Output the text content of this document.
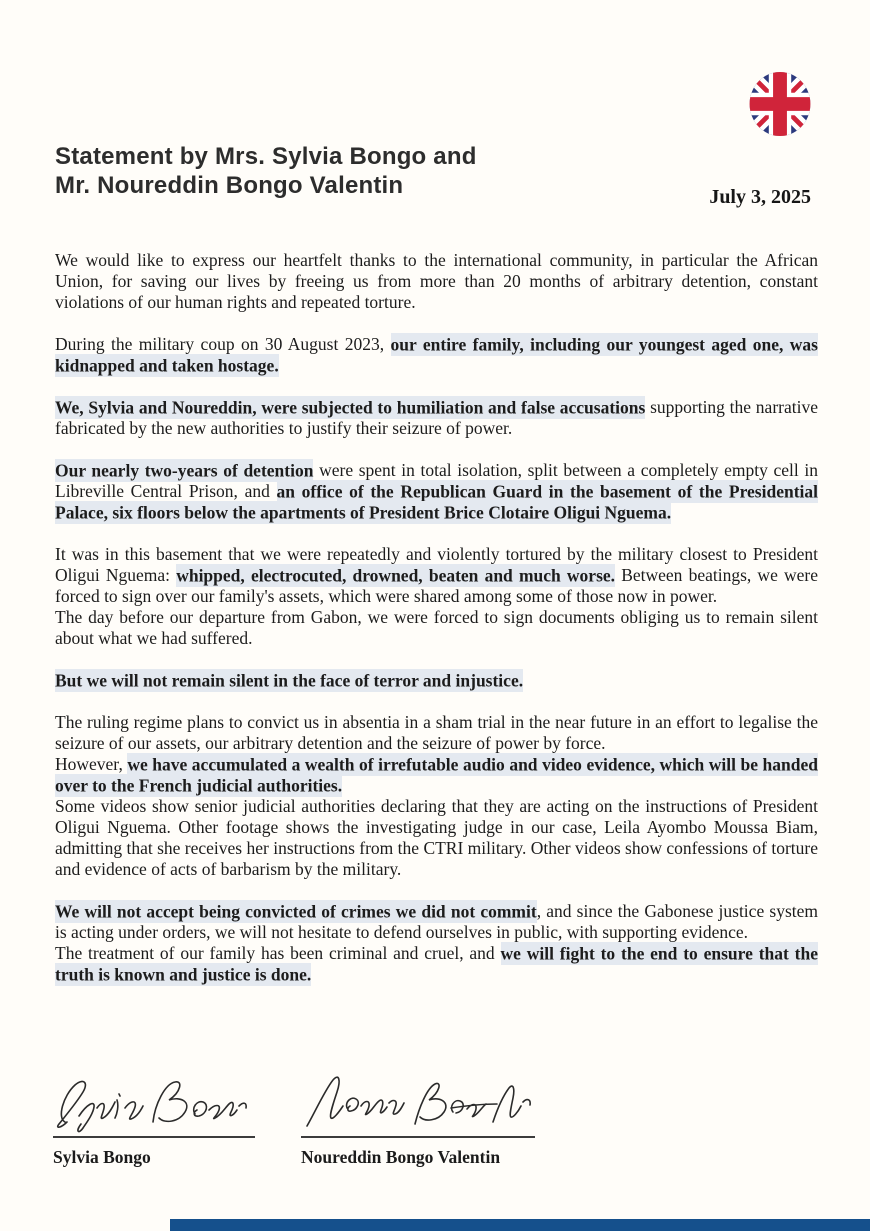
Statement by Mrs. Sylvia Bongo and
Mr. Noureddin Bongo Valentin	July 3, 2025

We would like to express our heartfelt thanks to the international community, in particular the African Union, for saving our lives by freeing us from more than 20 months of arbitrary detention, constant violations of our human rights and repeated torture.

During the military coup on 30 August 2023, our entire family, including our youngest aged one, was kidnapped and taken hostage.

We, Sylvia and Noureddin, were subjected to humiliation and false accusations supporting the narrative fabricated by the new authorities to justify their seizure of power.

Our nearly two-years of detention were spent in total isolation, split between a completely empty cell in Libreville Central Prison, and an office of the Republican Guard in the basement of the Presidential Palace, six floors below the apartments of President Brice Clotaire Oligui Nguema.

It was in this basement that we were repeatedly and violently tortured by the military closest to President Oligui Nguema: whipped, electrocuted, drowned, beaten and much worse. Between beatings, we were forced to sign over our family's assets, which were shared among some of those now in power.
The day before our departure from Gabon, we were forced to sign documents obliging us to remain silent about what we had suffered.

But we will not remain silent in the face of terror and injustice.

The ruling regime plans to convict us in absentia in a sham trial in the near future in an effort to legalise the seizure of our assets, our arbitrary detention and the seizure of power by force.
However, we have accumulated a wealth of irrefutable audio and video evidence, which will be handed over to the French judicial authorities.
Some videos show senior judicial authorities declaring that they are acting on the instructions of President Oligui Nguema. Other footage shows the investigating judge in our case, Leila Ayombo Moussa Biam, admitting that she receives her instructions from the CTRI military. Other videos show confessions of torture and evidence of acts of barbarism by the military.

We will not accept being convicted of crimes we did not commit, and since the Gabonese justice system is acting under orders, we will not hesitate to defend ourselves in public, with supporting evidence.
The treatment of our family has been criminal and cruel, and we will fight to the end to ensure that the truth is known and justice is done.

Sylvia Bongo	Noureddin Bongo Valentin
